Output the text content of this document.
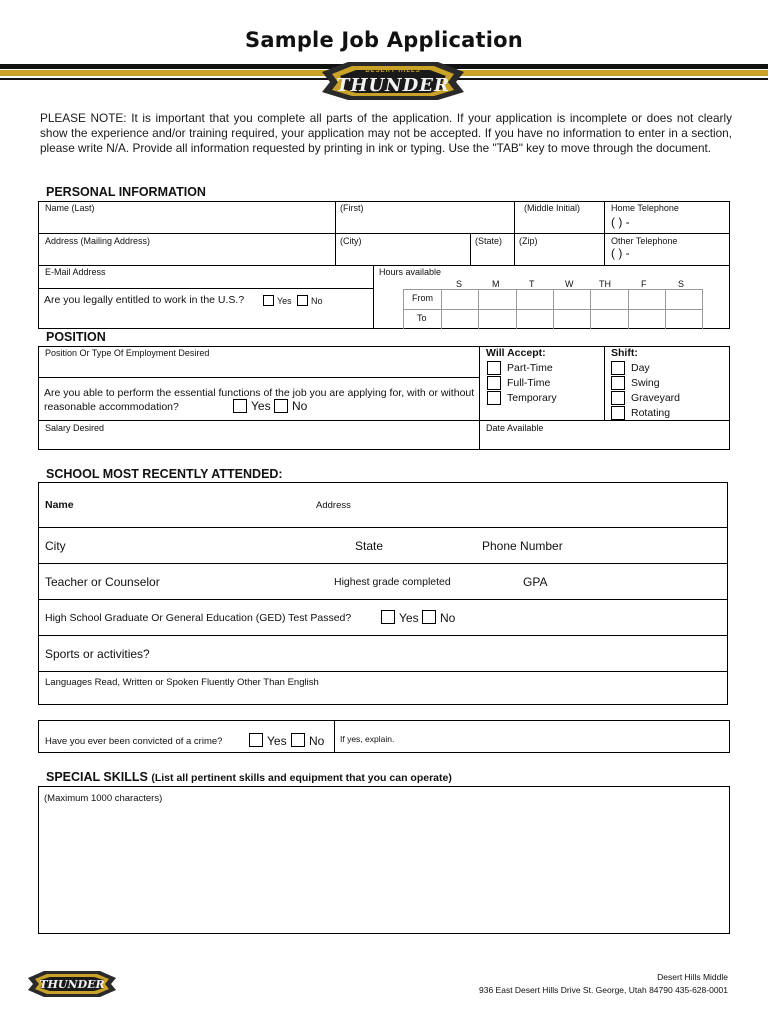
Sample Job Application
DESERT HILLS
THUNDER
PLEASE NOTE: It is important that you complete all parts of the application. If your application is incomplete or does not clearly show the experience and/or training required, your application may not be accepted. If you have no information to enter in a section, please write N/A. Provide all information requested by printing in ink or typing. Use the "TAB" key to move through the document.
PERSONAL INFORMATION
Name (Last)	(First)	(Middle Initial)	Home Telephone
( ) -
Address (Mailing Address)	(City)	(State) (Zip)	Other Telephone
( ) -
E-Mail Address	Hours available
S	M	T	W	TH	F	S
From
To
Are you legally entitled to work in the U.S.?	Yes No
POSITION
Position Or Type Of Employment Desired
Are you able to perform the essential functions of the job you are applying for, with or without reasonable accommodation?	Yes No
Will Accept:
Part-Time
Full-Time
Temporary
Shift:
Day
Swing
Graveyard
Rotating
Salary Desired	Date Available
SCHOOL MOST RECENTLY ATTENDED:
Name	Address
City	State	Phone Number
Teacher or Counselor	Highest grade completed	GPA
High School Graduate Or General Education (GED) Test Passed?	Yes No
Sports or activities?
Languages Read, Written or Spoken Fluently Other Than English
Have you ever been convicted of a crime?	Yes No If yes, explain.
SPECIAL SKILLS (List all pertinent skills and equipment that you can operate)
(Maximum 1000 characters)
THUNDER
Desert Hills Middle
936 East Desert Hills Drive St. George, Utah 84790 435-628-0001
